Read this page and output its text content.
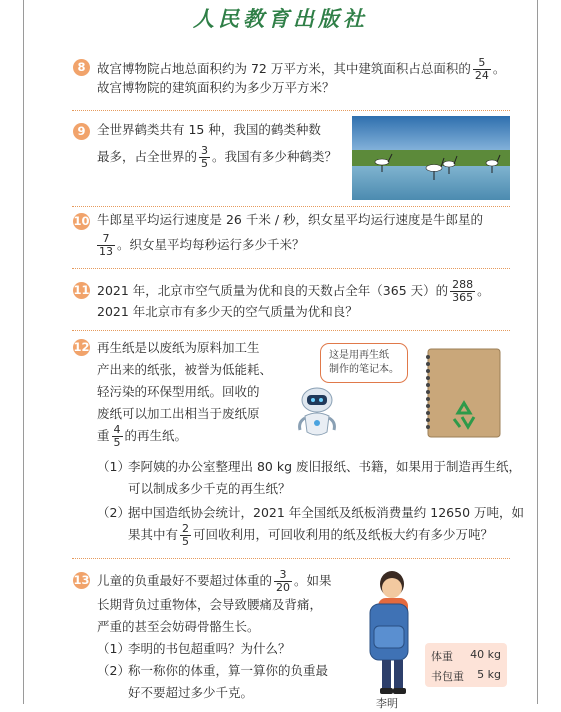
人民教育出版社
8 故宫博物院占地总面积约为 72 万平方米，其中建筑面积占总面积的 $\frac{5}{24}$ 。
故宫博物院的建筑面积约为多少万平方米？
9 全世界鹤类共有 15 种，我国的鹤类种数
最多，占全世界的 $\frac{3}{5}$ 。我国有多少种鹤类？
10 牛郎星平均运行速度是 26 千米 / 秒，织女星平均运行速度是牛郎星的
$\frac{7}{13}$ 。织女星平均每秒运行多少千米？
11 2021 年，北京市空气质量为优和良的天数占全年（365 天）的 $\frac{288}{365}$ 。
2021 年北京市有多少天的空气质量为优和良？
12 再生纸是以废纸为原料加工生
产出来的纸张，被誉为低能耗、
轻污染的环保型用纸。回收的
废纸可以加工出相当于废纸原
重 $\frac{4}{5}$ 的再生纸。
这是用再生纸
制作的笔记本。
（1）
李阿姨的办公室整理出 80 kg 废旧报纸、书籍，如果用于制造再生纸，
可以制成多少千克的再生纸？
（2）
据中国造纸协会统计，2021 年全国纸及纸板消费量约 12650 万吨，如
果其中有 $\frac{2}{5}$ 可回收利用，可回收利用的纸及纸板大约有多少万吨？
13 儿童的负重最好不要超过体重的 $\frac{3}{20}$ 。如果
长期背负过重物体，会导致腰痛及背痛，
严重的甚至会妨碍骨骼生长。
（1）
李明的书包超重吗？为什么？
（2）
称一称你的体重，算一算你的负重最
好不要超过多少千克。
李明
体重 40 kg
书包重 5 kg
